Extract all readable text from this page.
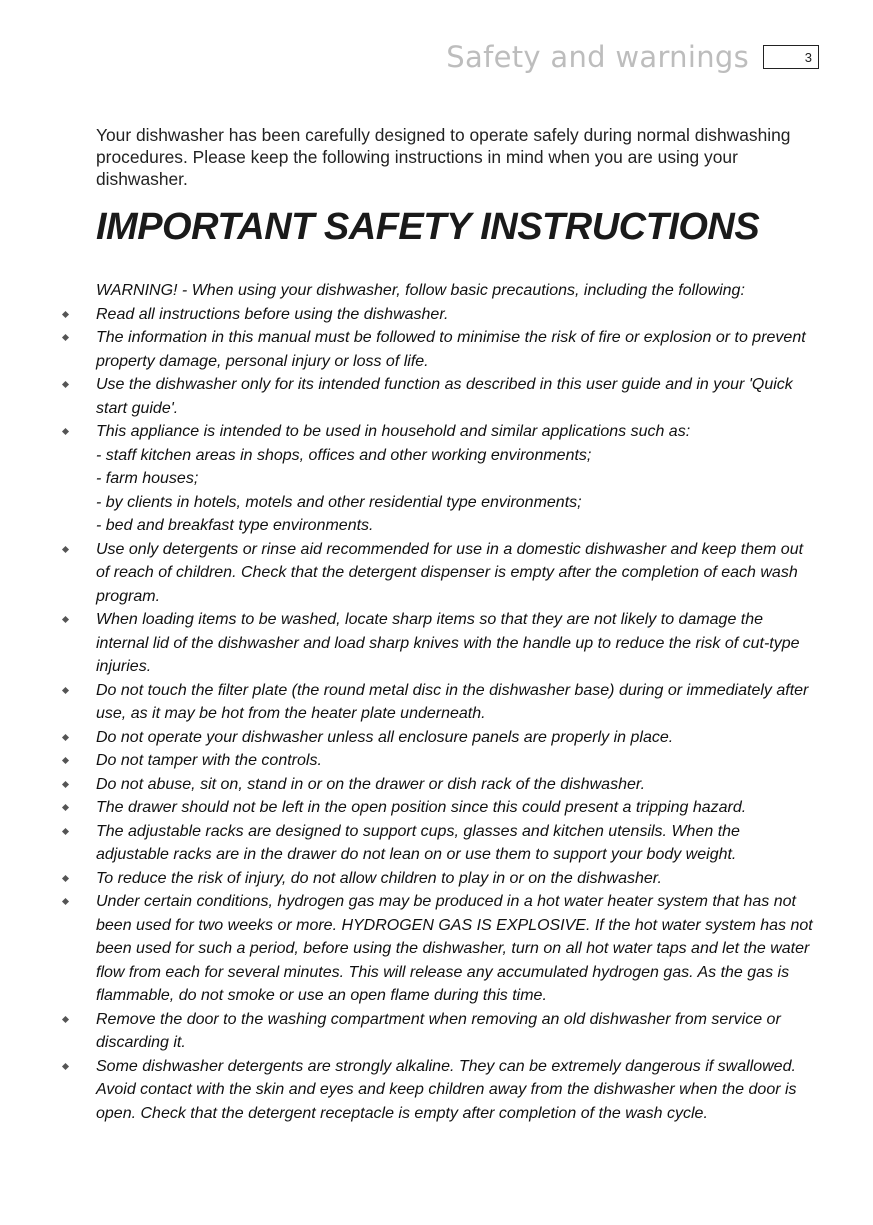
Safety and warnings	3

Your dishwasher has been carefully designed to operate safely during normal dishwashing procedures. Please keep the following instructions in mind when you are using your dishwasher.

IMPORTANT SAFETY INSTRUCTIONS

WARNING! - When using your dishwasher, follow basic precautions, including the following:

Read all instructions before using the dishwasher.
The information in this manual must be followed to minimise the risk of fire or explosion or to prevent property damage, personal injury or loss of life.
Use the dishwasher only for its intended function as described in this user guide and in your 'Quick start guide'.
This appliance is intended to be used in household and similar applications such as:
- staff kitchen areas in shops, offices and other working environments;
- farm houses;
- by clients in hotels, motels and other residential type environments;
- bed and breakfast type environments.
Use only detergents or rinse aid recommended for use in a domestic dishwasher and keep them out of reach of children. Check that the detergent dispenser is empty after the completion of each wash program.
When loading items to be washed, locate sharp items so that they are not likely to damage the internal lid of the dishwasher and load sharp knives with the handle up to reduce the risk of cut-type injuries.
Do not touch the filter plate (the round metal disc in the dishwasher base) during or immediately after use, as it may be hot from the heater plate underneath.
Do not operate your dishwasher unless all enclosure panels are properly in place.
Do not tamper with the controls.
Do not abuse, sit on, stand in or on the drawer or dish rack of the dishwasher.
The drawer should not be left in the open position since this could present a tripping hazard.
The adjustable racks are designed to support cups, glasses and kitchen utensils. When the adjustable racks are in the drawer do not lean on or use them to support your body weight.
To reduce the risk of injury, do not allow children to play in or on the dishwasher.
Under certain conditions, hydrogen gas may be produced in a hot water heater system that has not been used for two weeks or more. HYDROGEN GAS IS EXPLOSIVE. If the hot water system has not been used for such a period, before using the dishwasher, turn on all hot water taps and let the water flow from each for several minutes. This will release any accumulated hydrogen gas. As the gas is flammable, do not smoke or use an open flame during this time.
Remove the door to the washing compartment when removing an old dishwasher from service or discarding it.
Some dishwasher detergents are strongly alkaline. They can be extremely dangerous if swallowed. Avoid contact with the skin and eyes and keep children away from the dishwasher when the door is open. Check that the detergent receptacle is empty after completion of the wash cycle.
